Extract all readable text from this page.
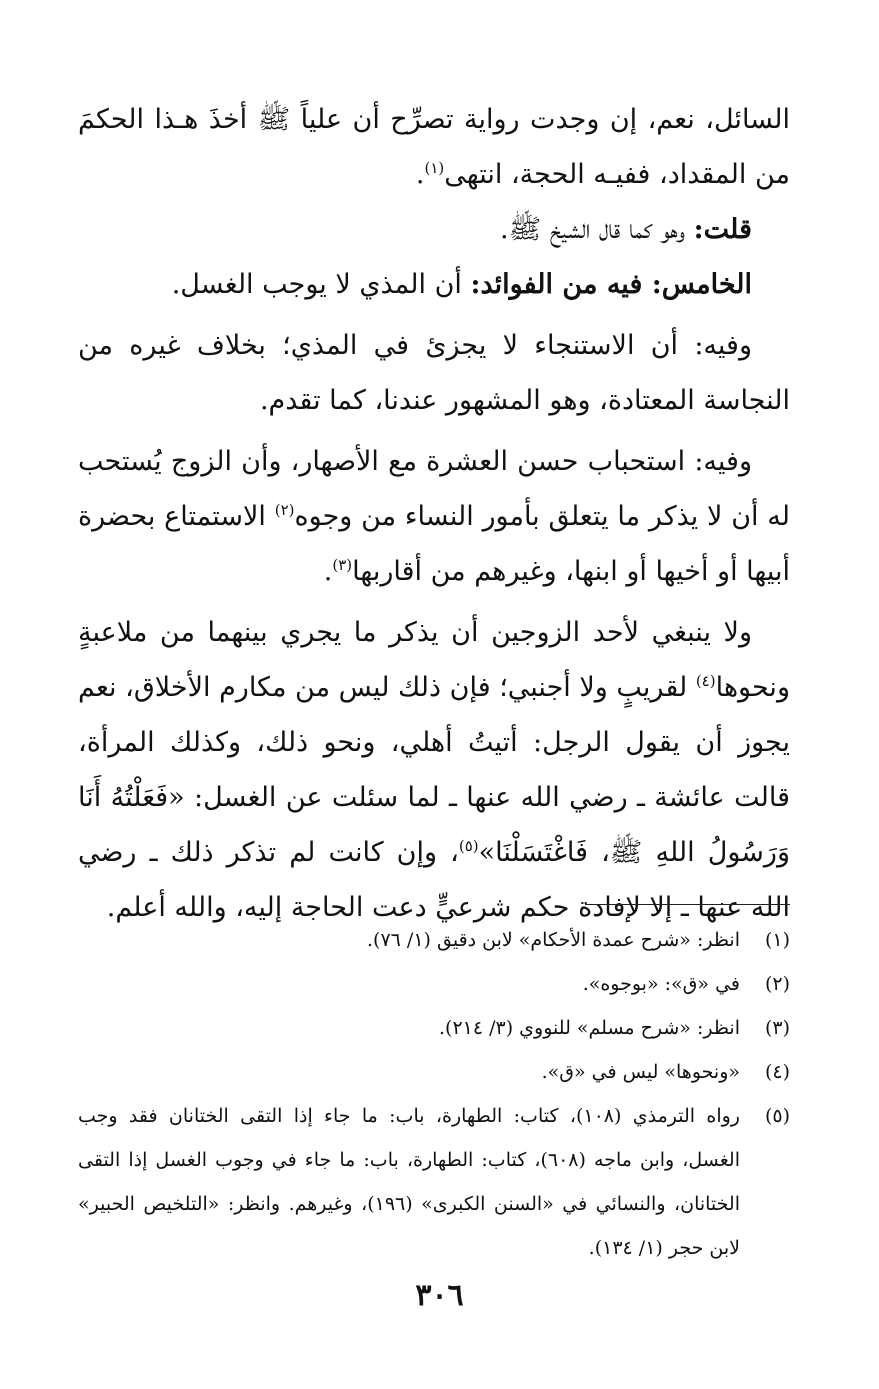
السائل، نعم، إن وجدت رواية تصرِّح أن علياً ﷺ أخذَ هـذا الحكمَ من المقداد، ففيـه الحجة، انتهى$^{(١)}$.

قلت: وهو كما قال الشيخ ﷺ.

الخامس: فيه من الفوائد: أن المذي لا يوجب الغسل.

وفيه: أن الاستنجاء لا يجزئ في المذي؛ بخلاف غيره من النجاسة المعتادة، وهو المشهور عندنا، كما تقدم.

وفيه: استحباب حسن العشرة مع الأصهار، وأن الزوج يُستحب له أن لا يذكر ما يتعلق بأمور النساء من وجوه$^{(٢)}$ الاستمتاع بحضرة أبيها أو أخيها أو ابنها، وغيرهم من أقاربها$^{(٣)}$.

ولا ينبغي لأحد الزوجين أن يذكر ما يجري بينهما من ملاعبةٍ ونحوها$^{(٤)}$ لقريبٍ ولا أجنبي؛ فإن ذلك ليس من مكارم الأخلاق، نعم يجوز أن يقول الرجل: أتيتُ أهلي، ونحو ذلك، وكذلك المرأة، قالت عائشة ـ رضي الله عنها ـ لما سئلت عن الغسل: «فَعَلْتُهُ أَنَا وَرَسُولُ اللهِ ﷺ، فَاغْتَسَلْنَا»$^{(٥)}$، وإن كانت لم تذكر ذلك ـ رضي الله عنها ـ إلا لإفادة حكم شرعيٍّ دعت الحاجة إليه، والله أعلم.

(١)
انظر: «شرح عمدة الأحكام» لابن دقيق (١/ ٧٦).
(٢)
في «ق»: «بوجوه».
(٣)
انظر: «شرح مسلم» للنووي (٣/ ٢١٤).
(٤)
«ونحوها» ليس في «ق».
(٥)
رواه الترمذي (١٠٨)، كتاب: الطهارة، باب: ما جاء إذا التقى الختانان فقد وجب الغسل، وابن ماجه (٦٠٨)، كتاب: الطهارة، باب: ما جاء في وجوب الغسل إذا التقى الختانان، والنسائي في «السنن الكبرى» (١٩٦)، وغيرهم. وانظر: «التلخيص الحبير» لابن حجر (١/ ١٣٤).
٣٠٦
